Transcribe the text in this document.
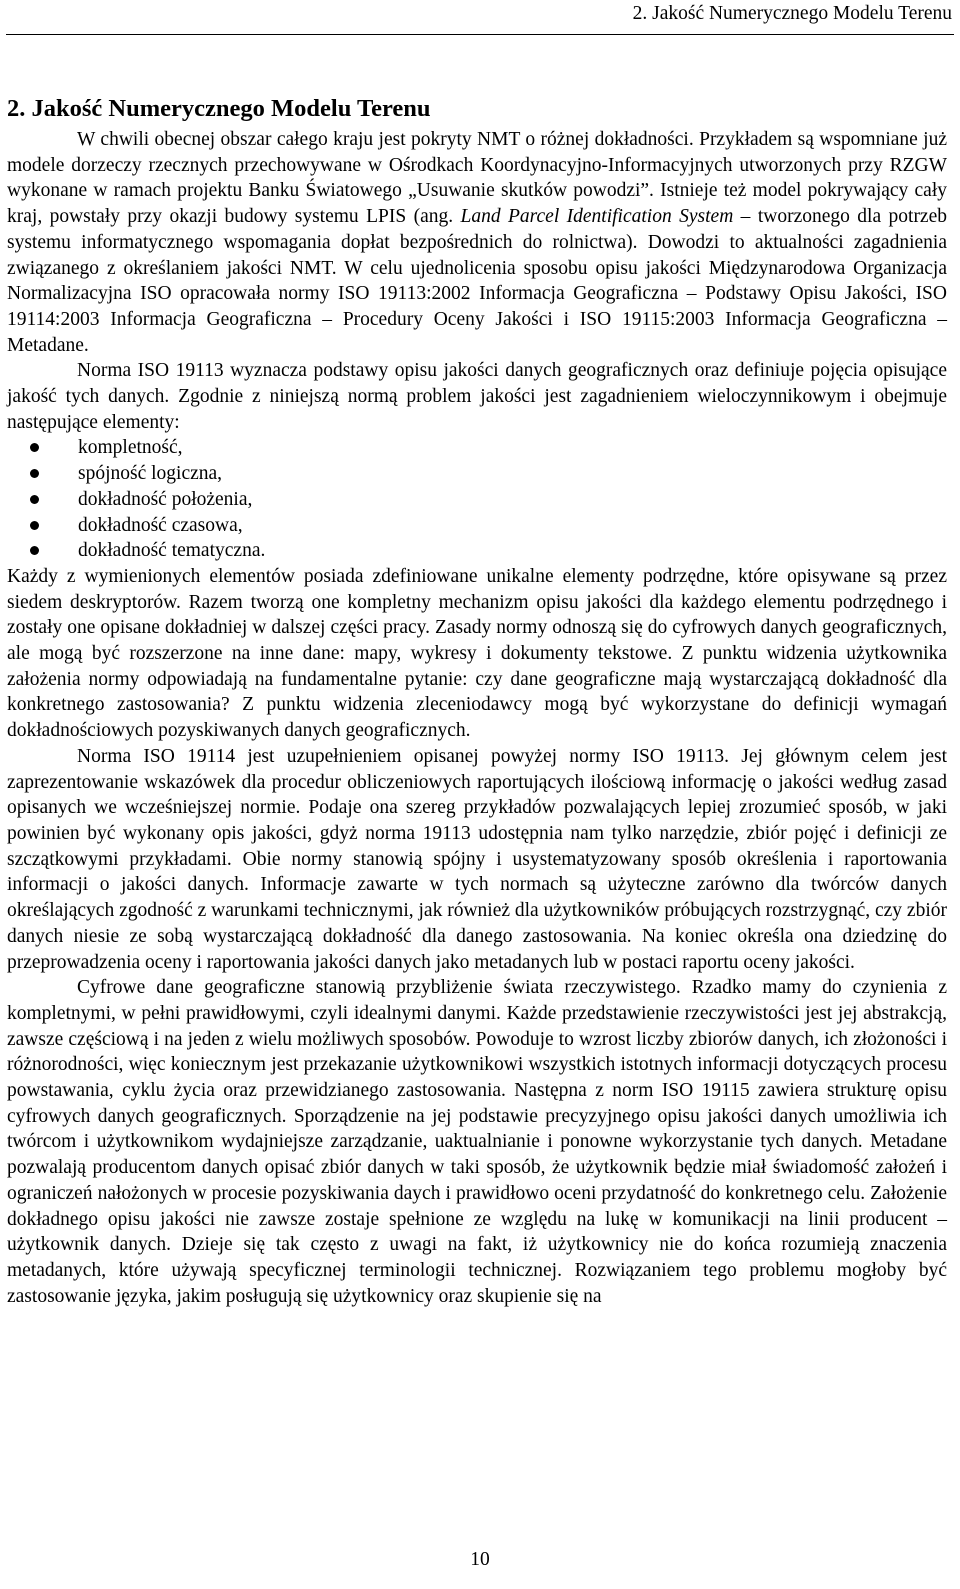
2. Jakość Numerycznego Modelu Terenu
2. Jakość Numerycznego Modelu Terenu

W chwili obecnej obszar całego kraju jest pokryty NMT o różnej dokładności. Przykładem są wspomniane już modele dorzeczy rzecznych przechowywane w Ośrodkach Koordynacyjno-Informacyjnych utworzonych przy RZGW wykonane w ramach projektu Banku Światowego „Usuwanie skutków powodzi”. Istnieje też model pokrywający cały kraj, powstały przy okazji budowy systemu LPIS (ang. Land Parcel Identification System – tworzonego dla potrzeb systemu informatycznego wspomagania dopłat bezpośrednich do rolnictwa). Dowodzi to aktualności zagadnienia związanego z określaniem jakości NMT. W celu ujednolicenia sposobu opisu jakości Międzynarodowa Organizacja Normalizacyjna ISO opracowała normy ISO 19113:2002 Informacja Geograficzna – Podstawy Opisu Jakości, ISO 19114:2003 Informacja Geograficzna – Procedury Oceny Jakości i ISO 19115:2003 Informacja Geograficzna – Metadane.

Norma ISO 19113 wyznacza podstawy opisu jakości danych geograficznych oraz definiuje pojęcia opisujące jakość tych danych. Zgodnie z niniejszą normą problem jakości jest zagadnieniem wieloczynnikowym i obejmuje następujące elementy:

kompletność,
spójność logiczna,
dokładność położenia,
dokładność czasowa,
dokładność tematyczna.

Każdy z wymienionych elementów posiada zdefiniowane unikalne elementy podrzędne, które opisywane są przez siedem deskryptorów. Razem tworzą one kompletny mechanizm opisu jakości dla każdego elementu podrzędnego i zostały one opisane dokładniej w dalszej części pracy. Zasady normy odnoszą się do cyfrowych danych geograficznych, ale mogą być rozszerzone na inne dane: mapy, wykresy i dokumenty tekstowe. Z punktu widzenia użytkownika założenia normy odpowiadają na fundamentalne pytanie: czy dane geograficzne mają wystarczającą dokładność dla konkretnego zastosowania? Z punktu widzenia zleceniodawcy mogą być wykorzystane do definicji wymagań dokładnościowych pozyskiwanych danych geograficznych.

Norma ISO 19114 jest uzupełnieniem opisanej powyżej normy ISO 19113. Jej głównym celem jest zaprezentowanie wskazówek dla procedur obliczeniowych raportujących ilościową informację o jakości według zasad opisanych we wcześniejszej normie. Podaje ona szereg przykładów pozwalających lepiej zrozumieć sposób, w jaki powinien być wykonany opis jakości, gdyż norma 19113 udostępnia nam tylko narzędzie, zbiór pojęć i definicji ze szczątkowymi przykładami. Obie normy stanowią spójny i usystematyzowany sposób określenia i raportowania informacji o jakości danych. Informacje zawarte w tych normach są użyteczne zarówno dla twórców danych określających zgodność z warunkami technicznymi, jak również dla użytkowników próbujących rozstrzygnąć, czy zbiór danych niesie ze sobą wystarczającą dokładność dla danego zastosowania. Na koniec określa ona dziedzinę do przeprowadzenia oceny i raportowania jakości danych jako metadanych lub w postaci raportu oceny jakości.

Cyfrowe dane geograficzne stanowią przybliżenie świata rzeczywistego. Rzadko mamy do czynienia z kompletnymi, w pełni prawidłowymi, czyli idealnymi danymi. Każde przedstawienie rzeczywistości jest jej abstrakcją, zawsze częściową i na jeden z wielu możliwych sposobów. Powoduje to wzrost liczby zbiorów danych, ich złożoności i różnorodności, więc koniecznym jest przekazanie użytkownikowi wszystkich istotnych informacji dotyczących procesu powstawania, cyklu życia oraz przewidzianego zastosowania. Następna z norm ISO 19115 zawiera strukturę opisu cyfrowych danych geograficznych. Sporządzenie na jej podstawie precyzyjnego opisu jakości danych umożliwia ich twórcom i użytkownikom wydajniejsze zarządzanie, uaktualnianie i ponowne wykorzystanie tych danych. Metadane pozwalają producentom danych opisać zbiór danych w taki sposób, że użytkownik będzie miał świadomość założeń i ograniczeń nałożonych w procesie pozyskiwania daych i prawidłowo oceni przydatność do konkretnego celu. Założenie dokładnego opisu jakości nie zawsze zostaje spełnione ze względu na lukę w komunikacji na linii producent – użytkownik danych. Dzieje się tak często z uwagi na fakt, iż użytkownicy nie do końca rozumieją znaczenia metadanych, które używają specyficznej terminologii technicznej. Rozwiązaniem tego problemu mogłoby być zastosowanie języka, jakim posługują się użytkownicy oraz skupienie się na

10
